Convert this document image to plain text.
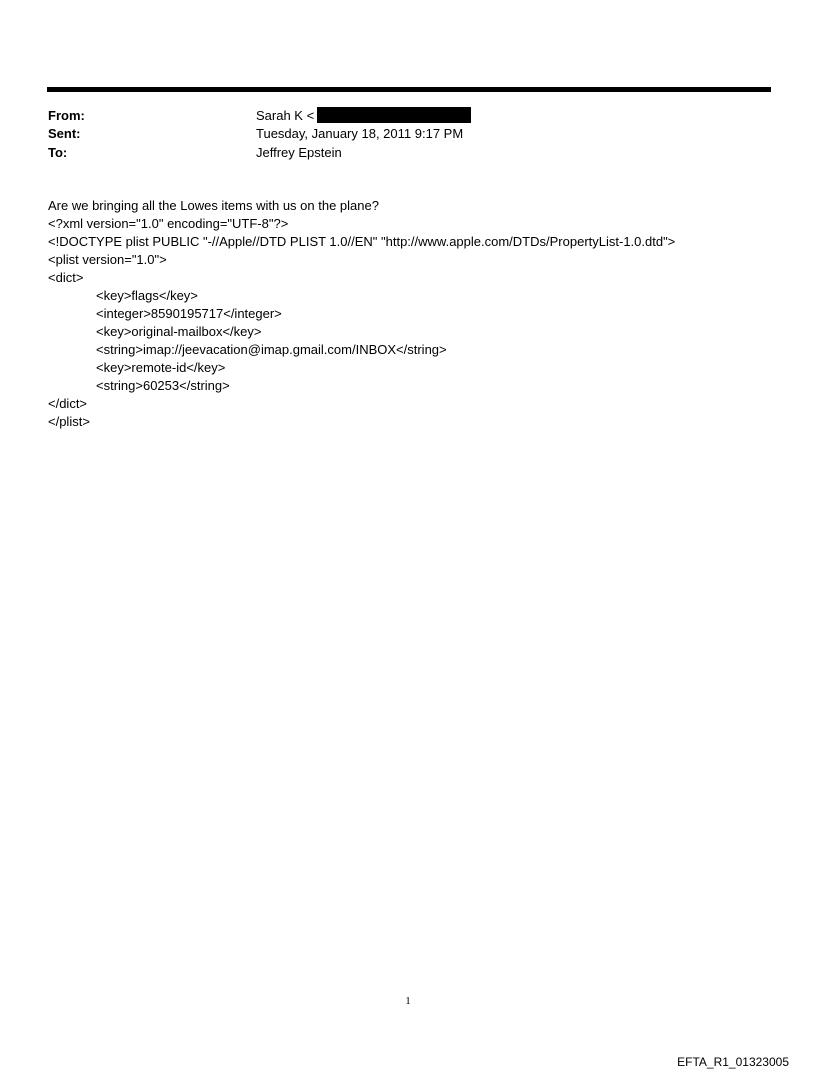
From:	Sarah K <
Sent:	Tuesday, January 18, 2011 9:17 PM
To:	Jeffrey Epstein
Are we bringing all the Lowes items with us on the plane?
<?xml version="1.0" encoding="UTF-8"?>
<!DOCTYPE plist PUBLIC "-//Apple//DTD PLIST 1.0//EN" "http://www.apple.com/DTDs/PropertyList-1.0.dtd">
<plist version="1.0">
<dict>
<key>flags</key>
<integer>8590195717</integer>
<key>original-mailbox</key>
<string>imap://jeevacation@imap.gmail.com/INBOX</string>
<key>remote-id</key>
<string>60253</string>
</dict>
</plist>
1
EFTA_R1_01323005
